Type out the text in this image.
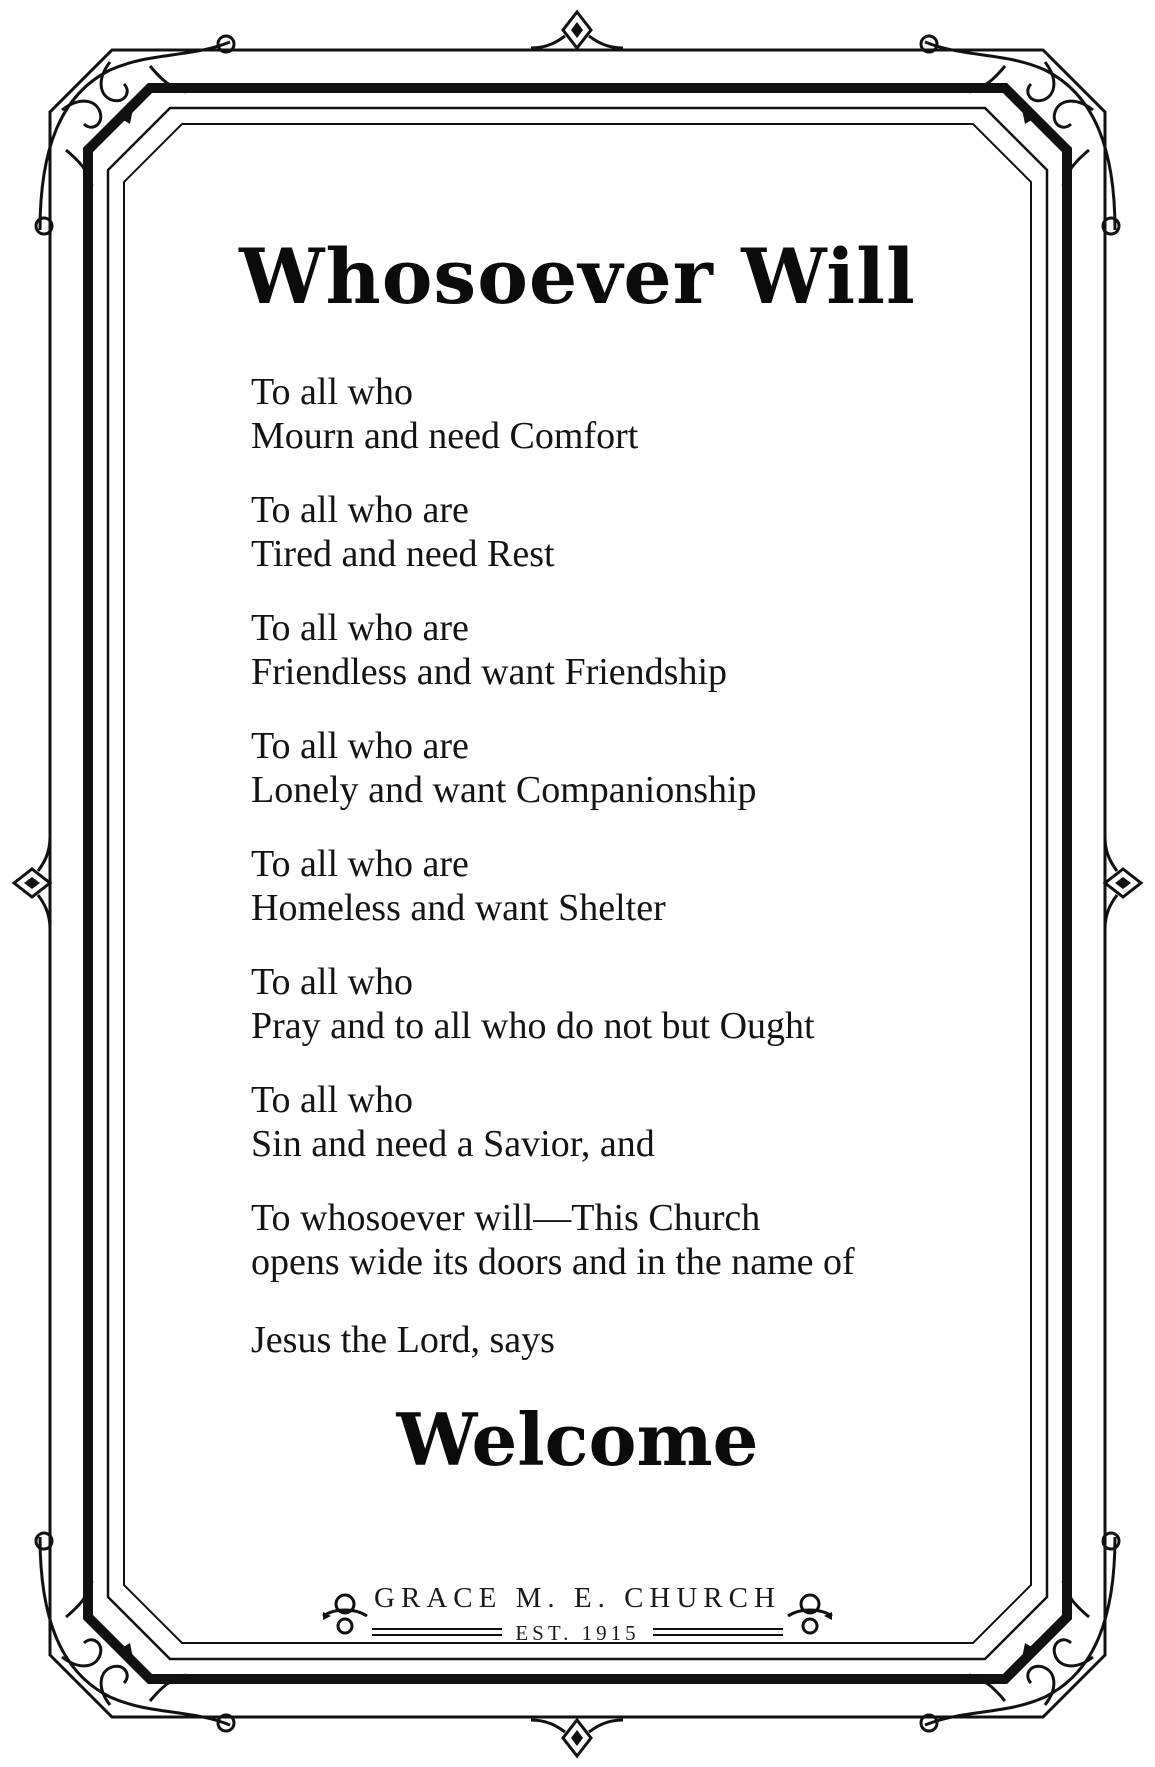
Whosoever Will

To all who
Mourn and need Comfort

To all who are
Tired and need Rest

To all who are
Friendless and want Friendship

To all who are
Lonely and want Companionship

To all who are
Homeless and want Shelter

To all who
Pray and to all who do not but Ought

To all who
Sin and need a Savior, and

To whosoever will—This Church
opens wide its doors and in the name of

Jesus the Lord, says
Welcome
GRACE M. E. CHURCH
EST. 1915
